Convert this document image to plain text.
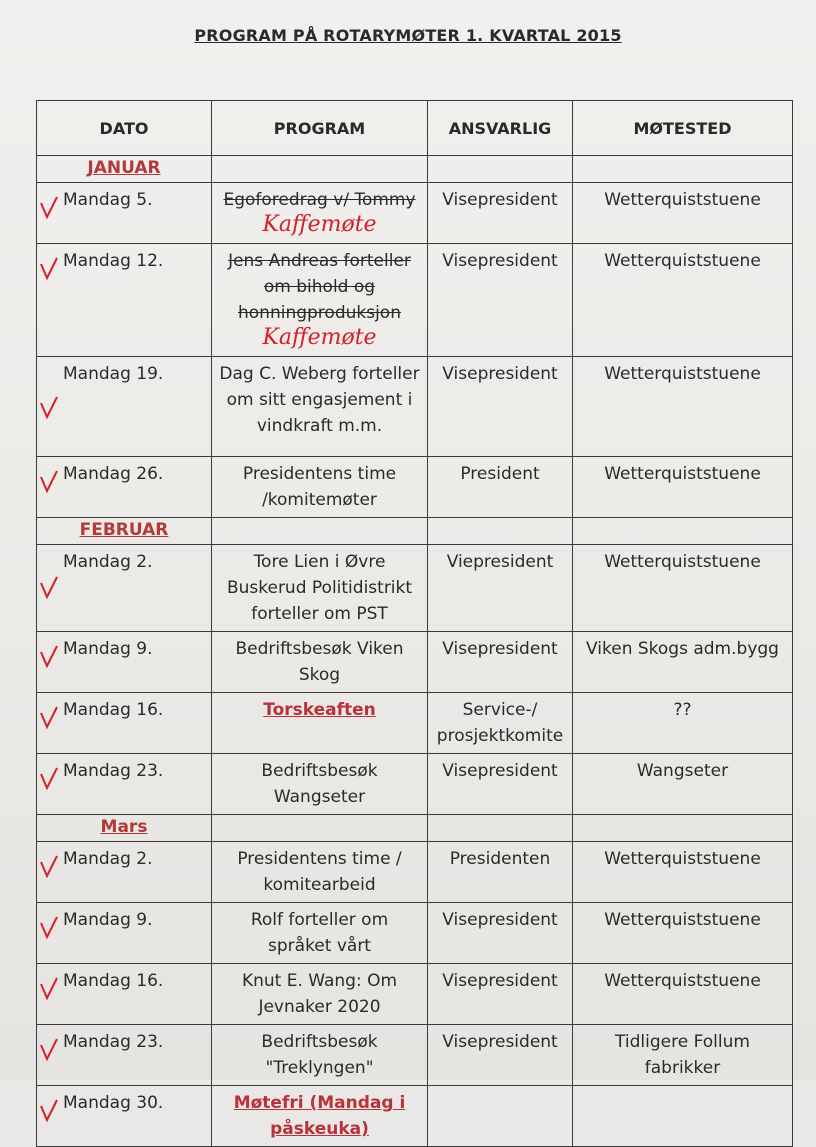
PROGRAM PÅ ROTARYMØTER 1. KVARTAL 2015
DATO	PROGRAM	ANSVARLIG	MØTESTED

JANUAR			

Mandag 5.	Egoforedrag v/ Tommy Kaffemøte	Visepresident	Wetterquiststuene

Mandag 12.	Jens Andreas forteller om bihold og honningproduksjon Kaffemøte	Visepresident	Wetterquiststuene

Mandag 19.	Dag C. Weberg forteller om sitt engasjement i vindkraft m.m.	Visepresident	Wetterquiststuene

Mandag 26.	Presidentens time /komitemøter	President	Wetterquiststuene

FEBRUAR			

Mandag 2.	Tore Lien i Øvre Buskerud Politidistrikt forteller om PST	Viepresident	Wetterquiststuene

Mandag 9.	Bedriftsbesøk Viken Skog	Visepresident	Viken Skogs adm.bygg

Mandag 16.	Torskeaften	Service-/ prosjektkomite	??

Mandag 23.	Bedriftsbesøk Wangseter	Visepresident	Wangseter

Mars			

Mandag 2.	Presidentens time / komitearbeid	Presidenten	Wetterquiststuene

Mandag 9.	Rolf forteller om språket vårt	Visepresident	Wetterquiststuene

Mandag 16.	Knut E. Wang: Om Jevnaker 2020	Visepresident	Wetterquiststuene

Mandag 23.	Bedriftsbesøk "Treklyngen"	Visepresident	Tidligere Follum fabrikker

Mandag 30.	Møtefri (Mandag i påskeuka)		
